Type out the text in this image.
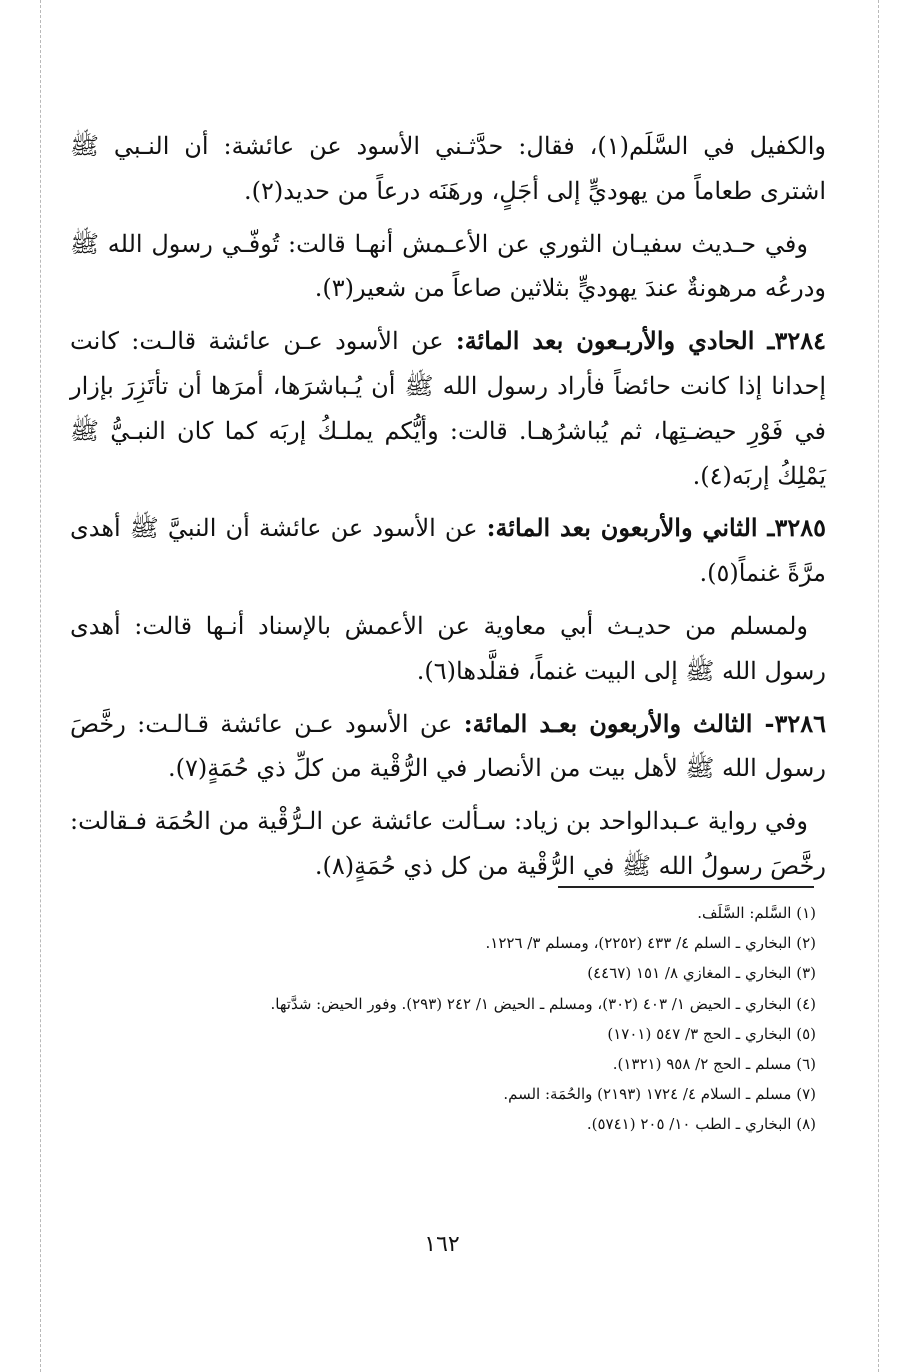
والكفيل في السَّلَم(١)، فقال: حدَّثـني الأسود عن عائشة: أن النـبي ﷺ اشترى طعاماً من يهوديٍّ إلى أجَلٍ، ورهَنَه درعاً من حديد(٢).

وفي حـديث سفيـان الثوري عن الأعـمش أنهـا قالت: تُوفّـي رسول الله ﷺ ودرعُه مرهونةٌ عندَ يهوديٍّ بثلاثين صاعاً من شعير(٣).

٣٢٨٤ـ الحادي والأربـعون بعد المائة: عن الأسود عـن عائشة قالـت: كانت إحدانا إذا كانت حائضاً فأراد رسول الله ﷺ أن يُـباشرَها، أمرَها أن تأتَزِرَ بإزار في فَوْرِ حيضـتِها، ثم يُباشرُهـا. قالت: وأيُّكم يملـكُ إربَه كما كان النبـيُّ ﷺ يَمْلِكُ إربَه(٤).

٣٢٨٥ـ الثاني والأربعون بعد المائة: عن الأسود عن عائشة أن النبيَّ ﷺ أهدى مرَّةً غنماً(٥).

ولمسلم من حديـث أبي معاوية عن الأعمش بالإسناد أنـها قالت: أهدى رسول الله ﷺ إلى البيت غنماً، فقلَّدها(٦).

٣٢٨٦- الثالث والأربعون بعـد المائة: عن الأسود عـن عائشة قـالـت: رخَّصَ رسول الله ﷺ لأهل بيت من الأنصار في الرُّقْية من كلِّ ذي حُمَةٍ(٧).

وفي رواية عـبدالواحد بن زياد: سـألت عائشة عن الـرُّقْية من الحُمَة فـقالت: رخَّصَ رسولُ الله ﷺ في الرُّقْية من كل ذي حُمَةٍ(٨).

(١) السَّلم: السَّلَف.

(٢) البخاري ـ السلم ٤/ ٤٣٣ (٢٢٥٢)، ومسلم ٣/ ١٢٢٦.

(٣) البخاري ـ المغازي ٨/ ١٥١ (٤٤٦٧)

(٤) البخاري ـ الحيض ١/ ٤٠٣ (٣٠٢)، ومسلم ـ الحيض ١/ ٢٤٢ (٢٩٣). وفور الحيض: شدَّتها.

(٥) البخاري ـ الحج ٣/ ٥٤٧ (١٧٠١)

(٦) مسلم ـ الحج ٢/ ٩٥٨ (١٣٢١).

(٧) مسلم ـ السلام ٤/ ١٧٢٤ (٢١٩٣) والحُمَة: السم.

(٨) البخاري ـ الطب ١٠/ ٢٠٥ (٥٧٤١).

١٦٢
